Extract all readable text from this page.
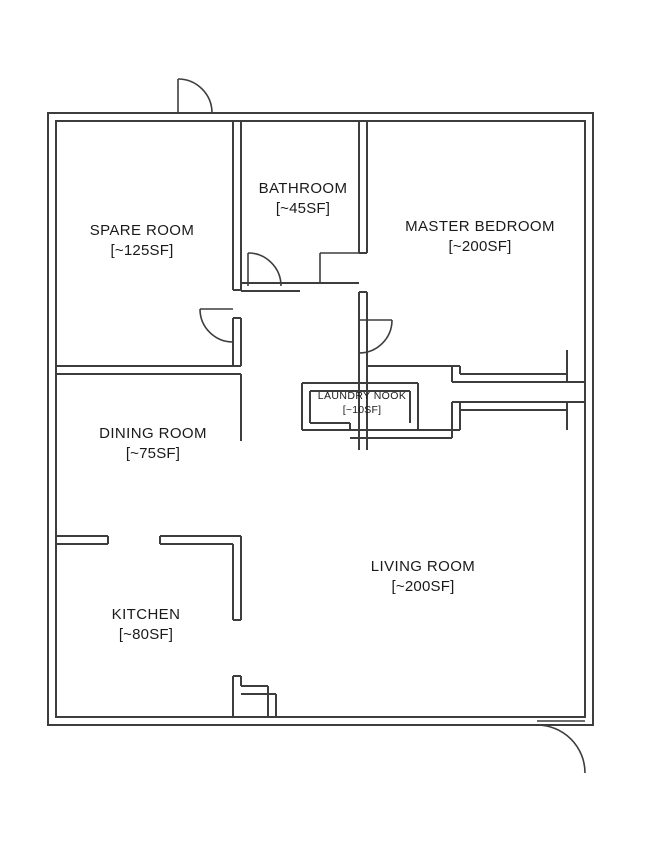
SPARE ROOM
[~125SF]
BATHROOM
[~45SF]
MASTER BEDROOM
[~200SF]
DINING ROOM
[~75SF]
KITCHEN
[~80SF]
LIVING ROOM
[~200SF]
LAUNDRY NOOK
[~10SF]
